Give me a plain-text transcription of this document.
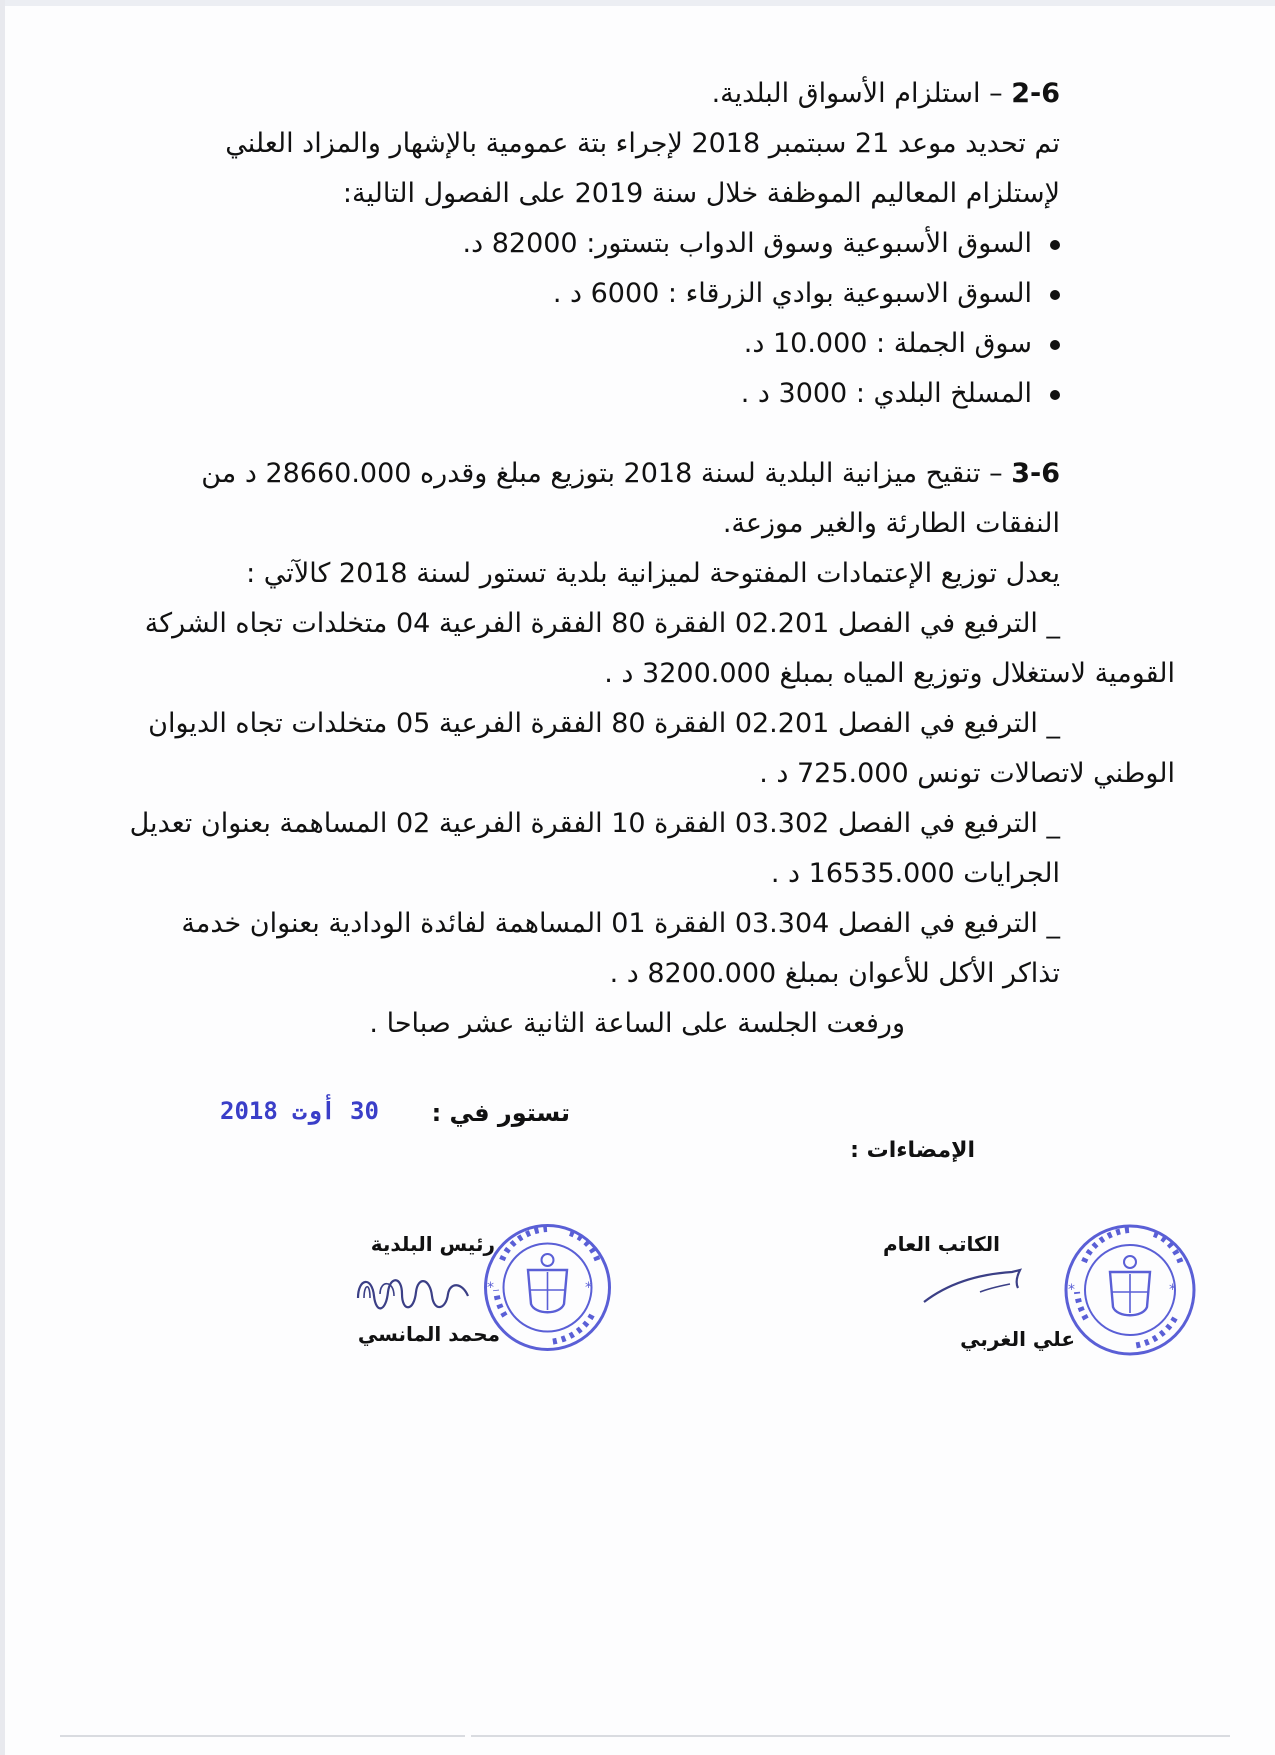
2-6 – استلزام الأسواق البلدية.
تم تحديد موعد 21 سبتمبر 2018 لإجراء بتة عمومية بالإشهار والمزاد العلني
لإستلزام المعاليم الموظفة خلال سنة 2019 على الفصول التالية:
السوق الأسبوعية وسوق الدواب بتستور: 82000 د.
السوق الاسبوعية بوادي الزرقاء : 6000 د .
سوق الجملة : 10.000 د.
المسلخ البلدي : 3000 د .
3-6 – تنقيح ميزانية البلدية لسنة 2018 بتوزيع مبلغ وقدره 28660.000 د من
النفقات الطارئة والغير موزعة.
يعدل توزيع الإعتمادات المفتوحة لميزانية بلدية تستور لسنة 2018 كالآتي :
_ الترفيع في الفصل 02.201 الفقرة 80 الفقرة الفرعية 04 متخلدات تجاه الشركة
القومية لاستغلال وتوزيع المياه بمبلغ 3200.000 د .
_ الترفيع في الفصل 02.201 الفقرة 80 الفقرة الفرعية 05 متخلدات تجاه الديوان
الوطني لاتصالات تونس 725.000 د .
_ الترفيع في الفصل 03.302 الفقرة 10 الفقرة الفرعية 02 المساهمة بعنوان تعديل
الجرايات 16535.000 د .
_ الترفيع في الفصل 03.304 الفقرة 01 المساهمة لفائدة الودادية بعنوان خدمة
تذاكر الأكل للأعوان بمبلغ 8200.000 د .
ورفعت الجلسة على الساعة الثانية عشر صباحا .
تستور في :
30 أوت 2018
الإمضاءات :
رئيس البلدية
محمد المانسي
*	*
الكاتب العام
علي الغربي
*	*
